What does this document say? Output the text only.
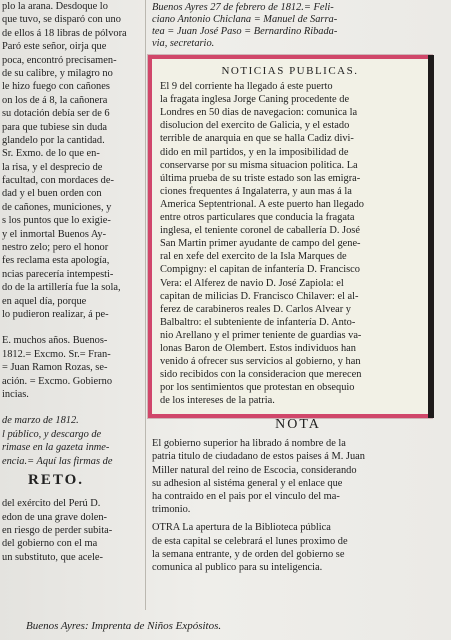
plo la arana. Desdoque lo
que tuvo, se disparó con uno
de ellos á 18 libras de pólvora
Paró este señor, oirja que
poca, encontró precisamen-
de su calibre, y milagro no
le hizo fuego con cañones
on los de á 8, la cañonera
su dotación debía ser de 6
para que tubiese sin duda
glandelo por la cantidad.
Sr. Exmo. de lo que en-
la risa, y el desprecio de
facultad, con mordaces de-
dad y el buen orden con
de cañones, municiones, y
s los puntos que lo exigie-
y el inmortal Buenos Ay-
nestro zelo; pero el honor
fes reclama esta apología,
ncias parecería intempesti-
do de la artillería fue la sola,
en aquel día, porque
lo pudieron realizar, á pe-
E. muchos años. Buenos-
1812.= Excmo. Sr.= Fran-
= Juan Ramon Rozas, se-
ación. = Excmo. Gobierno
incias.
de marzo de 1812.
l público, y descargo de
rimase en la gazeta inme-
encia.= Aquí las firmas de
RETO.
del exército del Perú D.
edon de una grave dolen-
en riesgo de perder subita-
del gobierno con el ma
un substituto, que acele-
Buenos Ayres 27 de febrero de 1812.= Feli-
ciano Antonio Chiclana = Manuel de Sarra-
tea = Juan José Paso = Bernardino Ribada-
via, secretario.
NOTICIAS PUBLICAS.
El 9 del corriente ha llegado á este puerto
la fragata inglesa Jorge Caning procedente de
Londres en 50 dias de navegacion: comunica la
disolucion del exercito de Galicia, y el estado
terrible de anarquia en que se halla Cadiz divi-
dido en mil partidos, y en la imposibilidad de
conservarse por su misma situacion politica. La
última prueba de su triste estado son las emigra-
ciones frequentes á Ingalaterra, y aun mas á la
America Septentrional. A este puerto han llegado
entre otros particulares que conducia la fragata
inglesa, el teniente coronel de caballería D. José
San Martin primer ayudante de campo del gene-
ral en xefe del exercito de la Isla Marques de
Compigny: el capitan de infantería D. Francisco
Vera: el Alferez de navio D. José Zapiola: el
capitan de milicias D. Francisco Chilaver: el al-
ferez de carabineros reales D. Carlos Alvear y
Balbaltro: el subteniente de infantería D. Anto-
nio Arellano y el primer teniente de guardias va-
lonas Baron de Olembert. Estos individuos han
venido á ofrecer sus servicios al gobierno, y han
sido recibidos con la consideracion que merecen
por los sentimientos que protestan en obsequio
de los intereses de la patria.
NOTA
El gobierno superior ha librado á nombre de la
patria titulo de ciudadano de estos paises á M. Juan
Miller natural del reino de Escocia, considerando
su adhesion al sistéma general y el enlace que
ha contraido en el pais por el vinculo del ma-
trimonio.
OTRA La apertura de la Biblioteca pública
de esta capital se celebrará el lunes proximo de
la semana entrante, y de orden del gobierno se
comunica al publico para su inteligencia.
Buenos Ayres: Imprenta de Niños Expósitos.
